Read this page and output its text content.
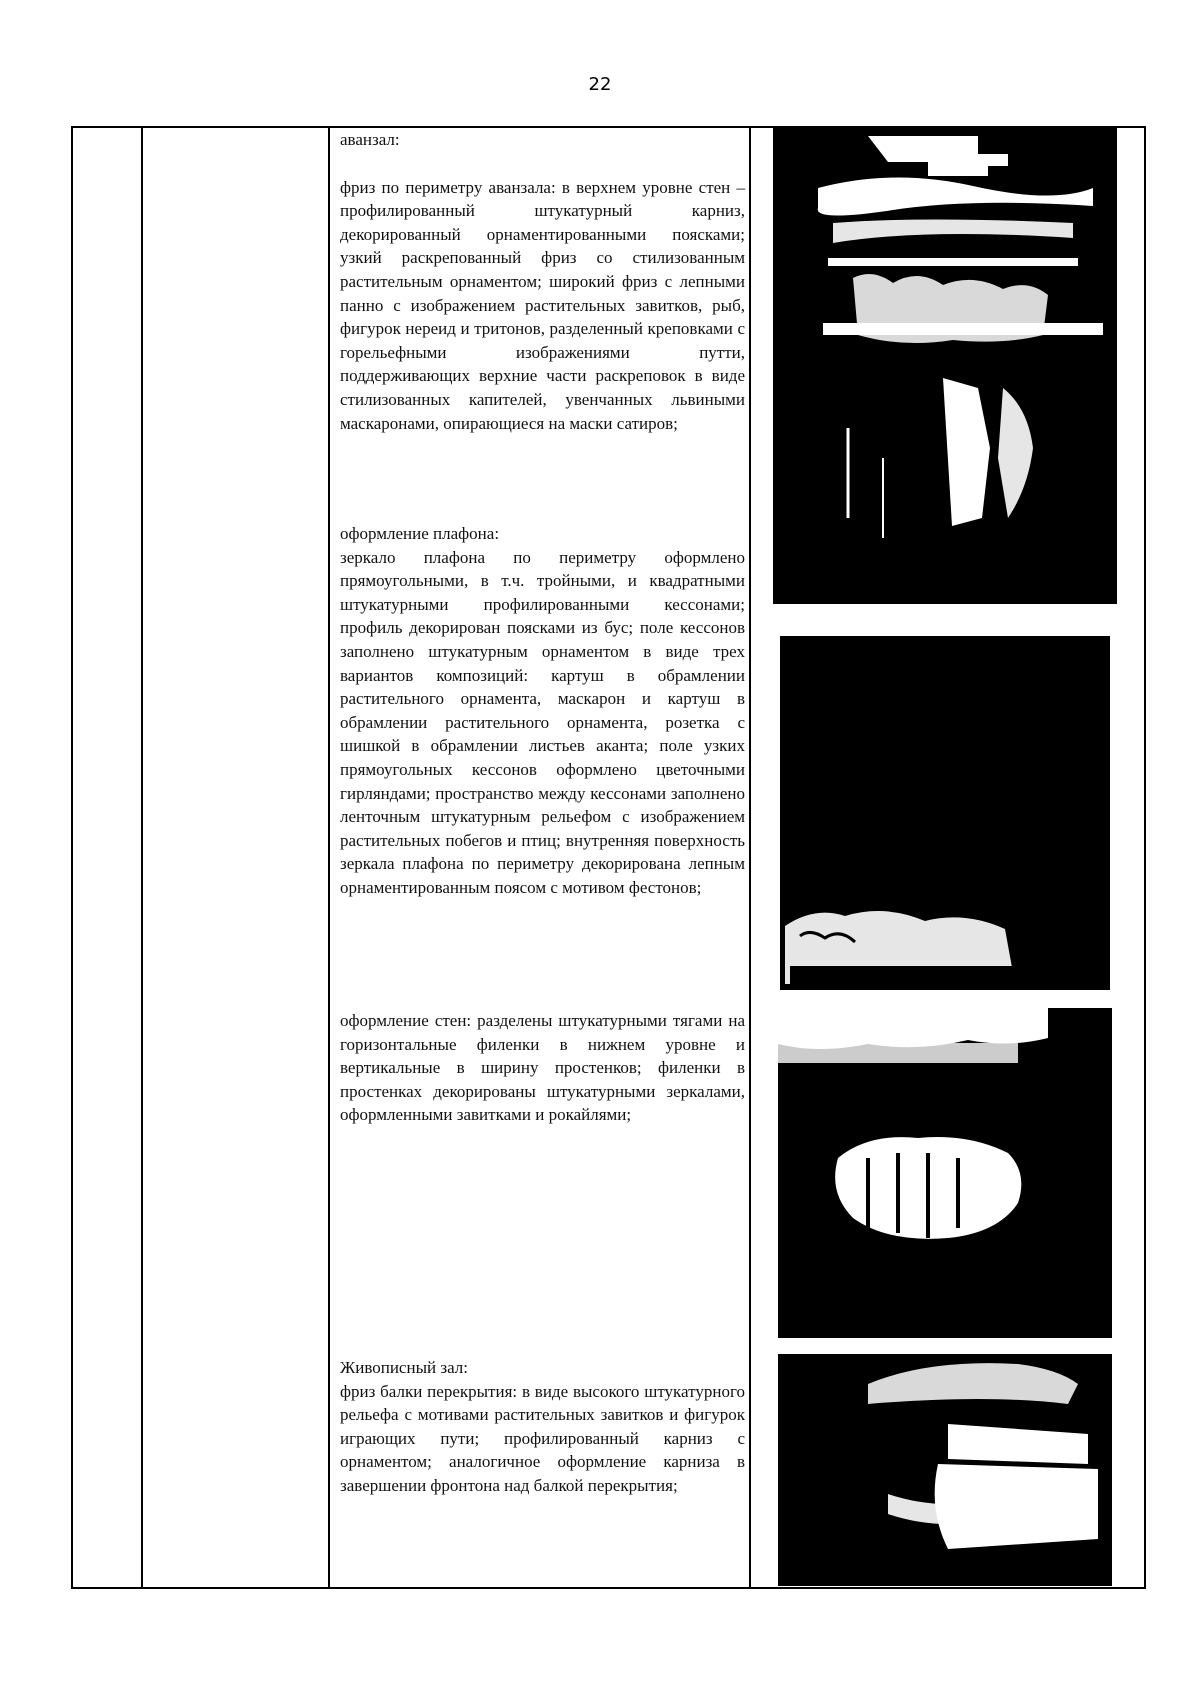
22

аванзал:

фриз по периметру аванзала: в верхнем уровне стен – профилированный штукатурный карниз, декорированный орнаментированными поясками; узкий раскрепованный фриз со стилизованным растительным орнаментом; широкий фриз с лепными панно с изображением растительных завитков, рыб, фигурок нереид и тритонов, разделенный креповками с горельефными изображениями путти, поддерживающих верхние части раскреповок в виде стилизованных капителей, увенчанных львиными маскаронами, опирающиеся на маски сатиров;

оформление плафона:

зеркало плафона по периметру оформлено прямоугольными, в т.ч. тройными, и квадратными штукатурными профилированными кессонами; профиль декорирован поясками из бус; поле кессонов заполнено штукатурным орнаментом в виде трех вариантов композиций: картуш в обрамлении растительного орнамента, маскарон и картуш в обрамлении растительного орнамента, розетка с шишкой в обрамлении листьев аканта; поле узких прямоугольных кессонов оформлено цветочными гирляндами; пространство между кессонами заполнено ленточным штукатурным рельефом с изображением растительных побегов и птиц; внутренняя поверхность зеркала плафона по периметру декорирована лепным орнаментированным поясом с мотивом фестонов;

оформление стен: разделены штукатурными тягами на горизонтальные филенки в нижнем уровне и вертикальные в ширину простенков; филенки в простенках декорированы штукатурными зеркалами, оформленными завитками и рокайлями;

Живописный зал:

фриз балки перекрытия: в виде высокого штукатурного рельефа с мотивами растительных завитков и фигурок играющих пути; профилированный карниз с орнаментом; аналогичное оформление карниза в завершении фронтона над балкой перекрытия;
